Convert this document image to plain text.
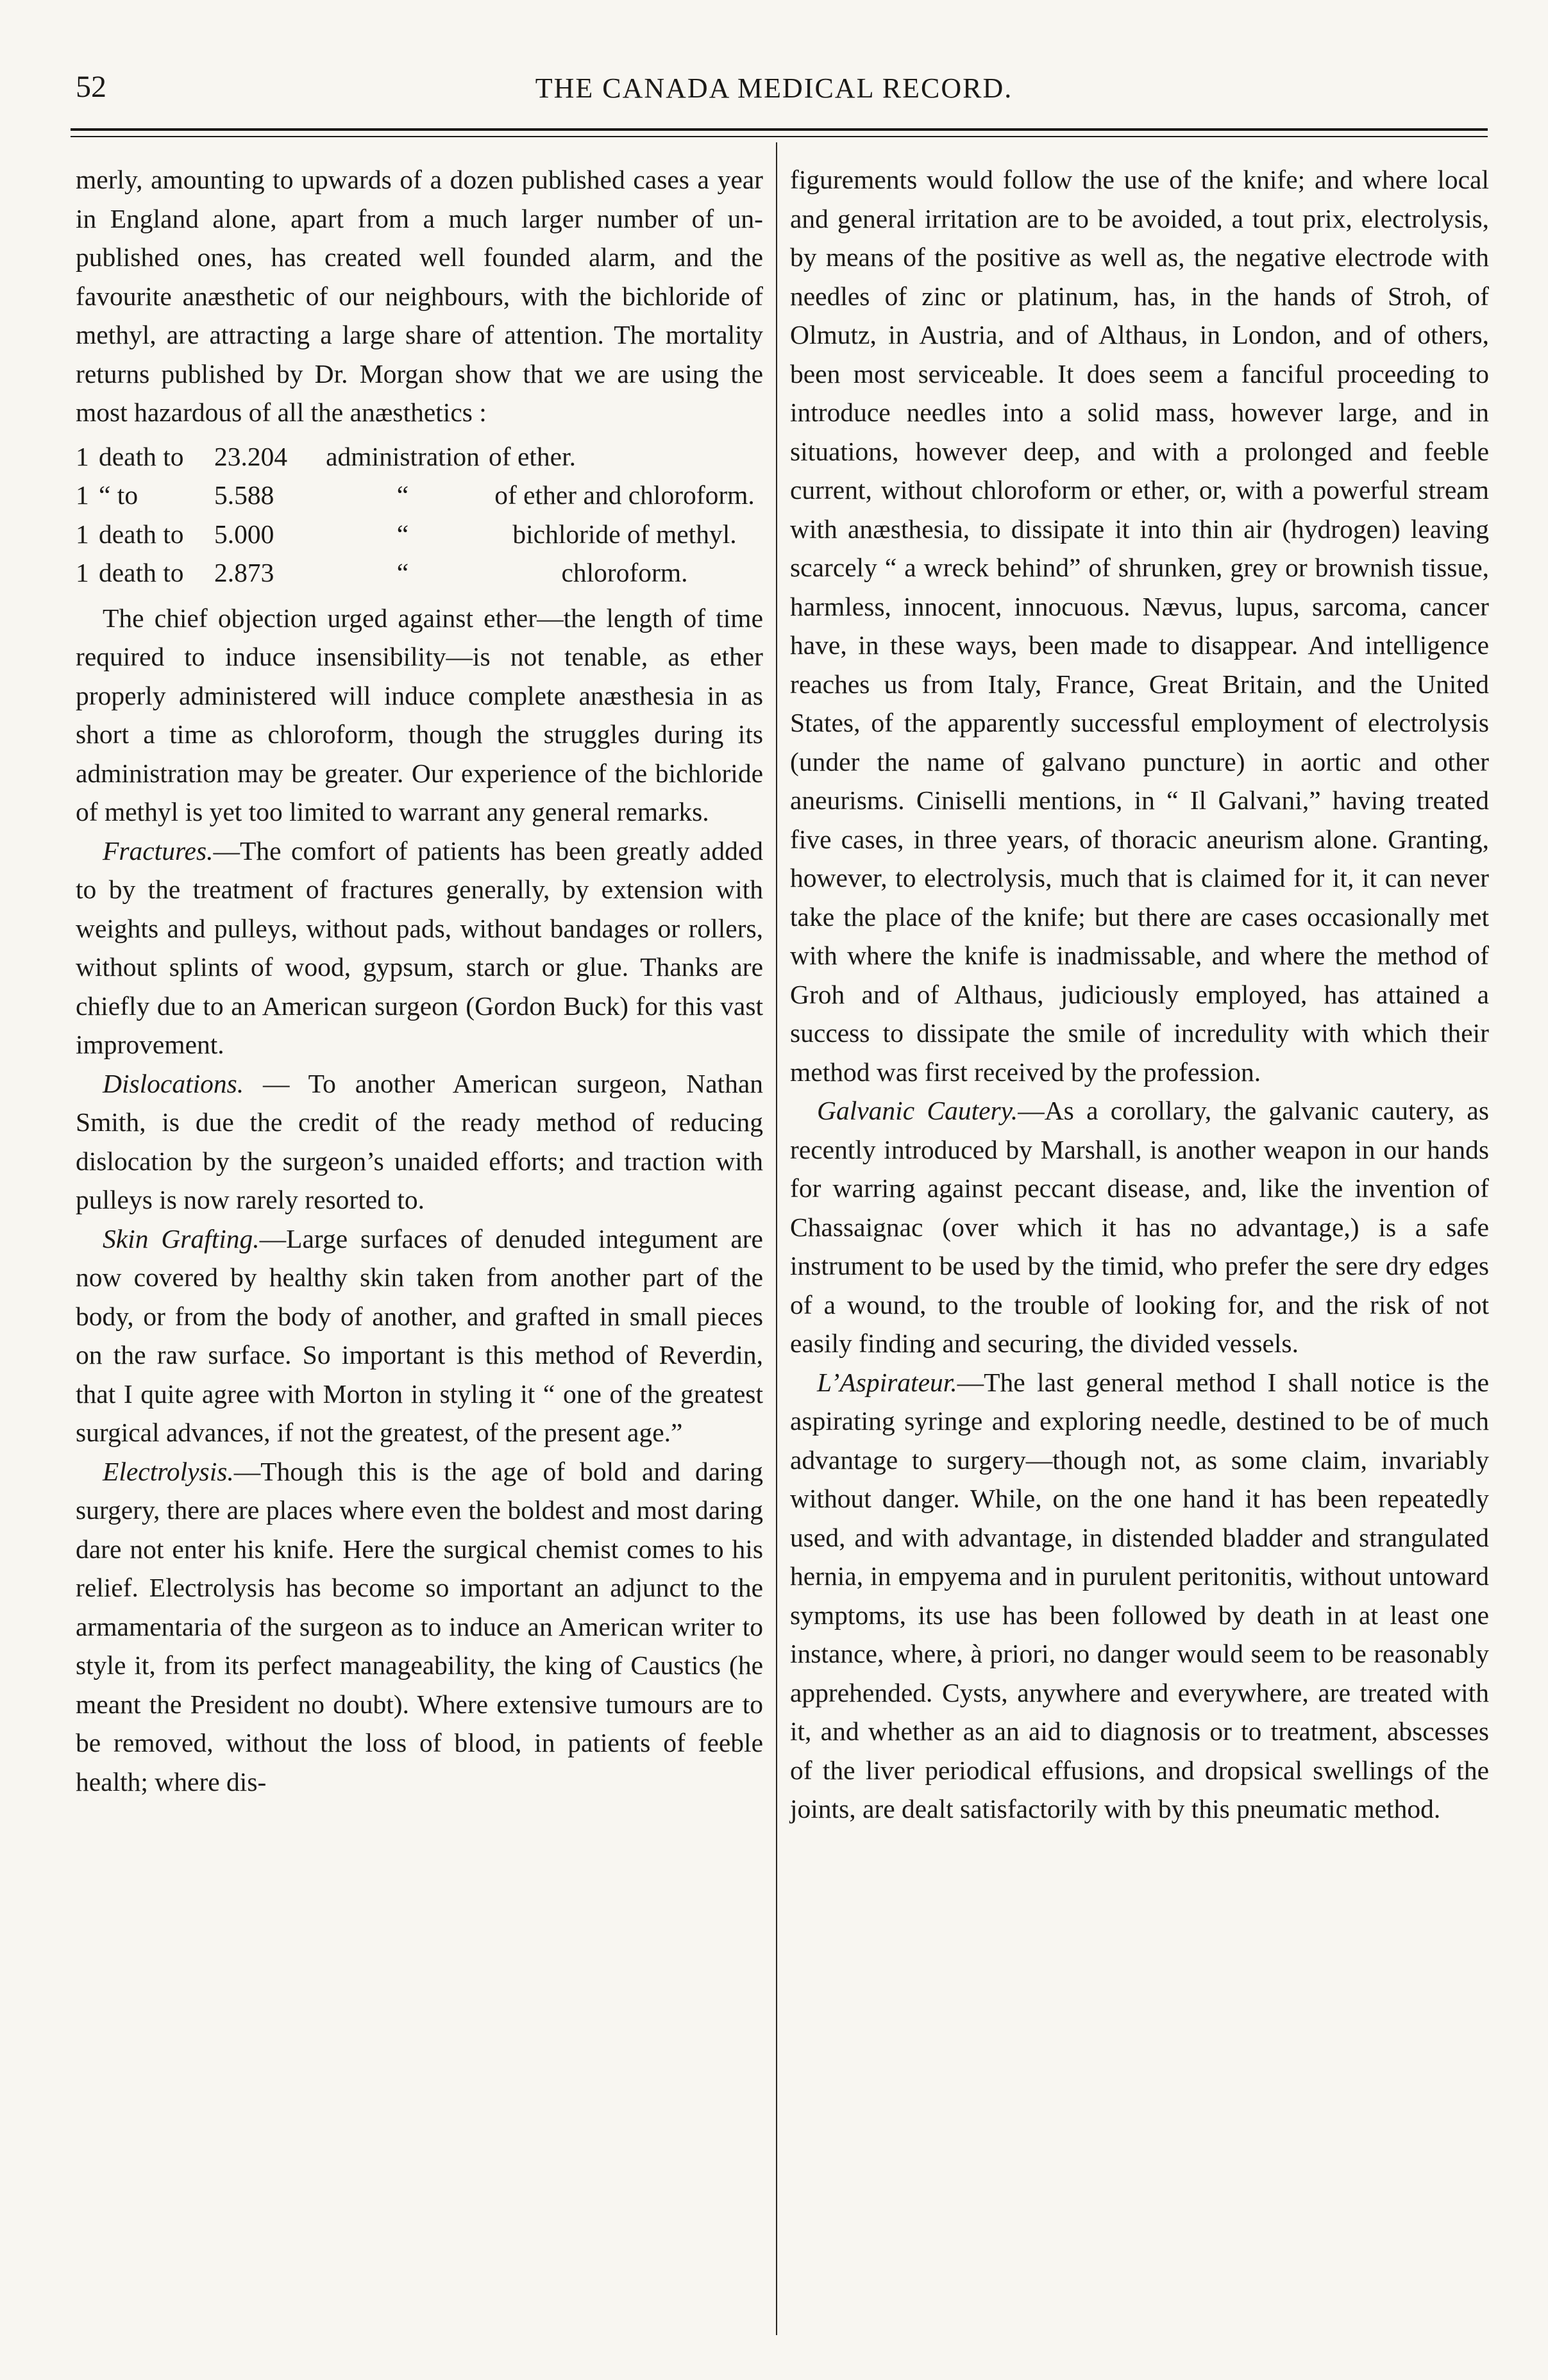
52	THE CANADA MEDICAL RECORD.

merly, amounting to upwards of a dozen published cases a year in England alone, apart from a much larger number of un-published ones, has created well founded alarm, and the favourite anæsthetic of our neighbours, with the bichloride of methyl, are attracting a large share of attention. The mortality returns published by Dr. Morgan show that we are using the most hazardous of all the anæsthetics :

1 death to	23.204	administration of ether.
1 “ to	5.588	“	of ether and chloroform.
1 death to	5.000	“	bichloride of methyl.
1 death to	2.873	“	chloroform.

The chief objection urged against ether—the length of time required to induce insensibility—is not tenable, as ether properly administered will induce complete anæsthesia in as short a time as chloroform, though the struggles during its administration may be greater. Our experience of the bichloride of methyl is yet too limited to warrant any general remarks.

Fractures.—The comfort of patients has been greatly added to by the treatment of fractures generally, by extension with weights and pulleys, without pads, without bandages or rollers, without splints of wood, gypsum, starch or glue. Thanks are chiefly due to an American surgeon (Gordon Buck) for this vast improvement.

Dislocations. — To another American surgeon, Nathan Smith, is due the credit of the ready method of reducing dislocation by the surgeon’s unaided efforts; and traction with pulleys is now rarely resorted to.

Skin Grafting.—Large surfaces of denuded integument are now covered by healthy skin taken from another part of the body, or from the body of another, and grafted in small pieces on the raw surface. So important is this method of Reverdin, that I quite agree with Morton in styling it “ one of the greatest surgical advances, if not the greatest, of the present age.”

Electrolysis.—Though this is the age of bold and daring surgery, there are places where even the boldest and most daring dare not enter his knife. Here the surgical chemist comes to his relief. Electrolysis has become so important an adjunct to the armamentaria of the surgeon as to induce an American writer to style it, from its perfect manageability, the king of Caustics (he meant the President no doubt). Where extensive tumours are to be removed, without the loss of blood, in patients of feeble health; where dis-

figurements would follow the use of the knife; and where local and general irritation are to be avoided, a tout prix, electrolysis, by means of the positive as well as, the negative electrode with needles of zinc or platinum, has, in the hands of Stroh, of Olmutz, in Austria, and of Althaus, in London, and of others, been most serviceable. It does seem a fanciful proceeding to introduce needles into a solid mass, however large, and in situations, however deep, and with a prolonged and feeble current, without chloroform or ether, or, with a powerful stream with anæsthesia, to dissipate it into thin air (hydrogen) leaving scarcely “ a wreck behind” of shrunken, grey or brownish tissue, harmless, innocent, innocuous. Nævus, lupus, sarcoma, cancer have, in these ways, been made to disappear. And intelligence reaches us from Italy, France, Great Britain, and the United States, of the apparently successful employment of electrolysis (under the name of galvano puncture) in aortic and other aneurisms. Ciniselli mentions, in “ Il Galvani,” having treated five cases, in three years, of thoracic aneurism alone. Granting, however, to electrolysis, much that is claimed for it, it can never take the place of the knife; but there are cases occasionally met with where the knife is inadmissable, and where the method of Groh and of Althaus, judiciously employed, has attained a success to dissipate the smile of incredulity with which their method was first received by the profession.

Galvanic Cautery.—As a corollary, the galvanic cautery, as recently introduced by Marshall, is another weapon in our hands for warring against peccant disease, and, like the invention of Chassaignac (over which it has no advantage,) is a safe instrument to be used by the timid, who prefer the sere dry edges of a wound, to the trouble of looking for, and the risk of not easily finding and securing, the divided vessels.

L’Aspirateur.—The last general method I shall notice is the aspirating syringe and exploring needle, destined to be of much advantage to surgery—though not, as some claim, invariably without danger. While, on the one hand it has been repeatedly used, and with advantage, in distended bladder and strangulated hernia, in empyema and in purulent peritonitis, without untoward symptoms, its use has been followed by death in at least one instance, where, à priori, no danger would seem to be reasonably apprehended. Cysts, anywhere and everywhere, are treated with it, and whether as an aid to diagnosis or to treatment, abscesses of the liver periodical effusions, and dropsical swellings of the joints, are dealt satisfactorily with by this pneumatic method.
